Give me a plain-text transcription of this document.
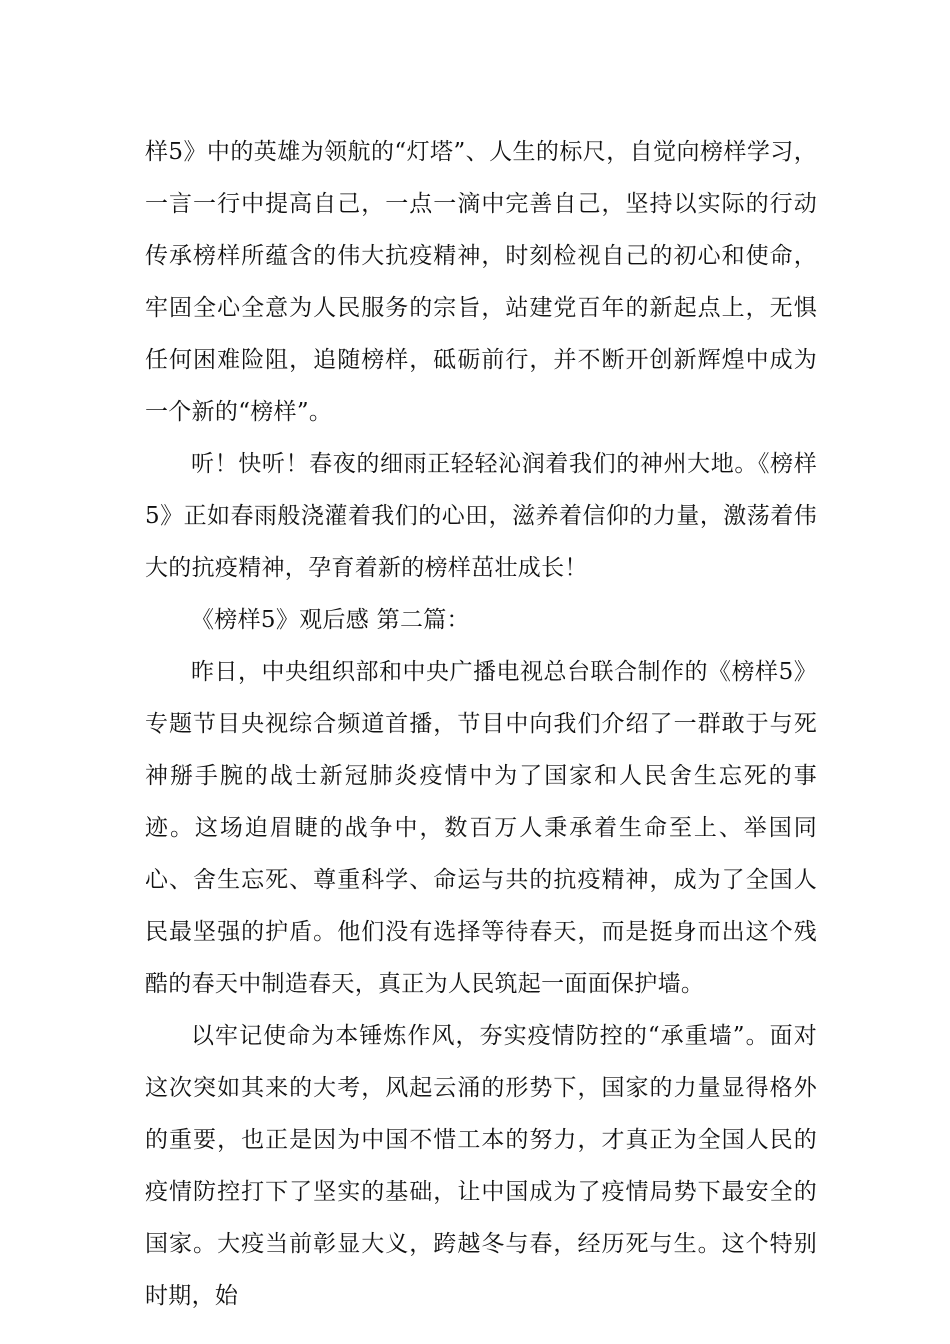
样5》中的英雄为领航的“灯塔”、人生的标尺，自觉向榜样学习，一言一行中提高自己，一点一滴中完善自己，坚持以实际的行动传承榜样所蕴含的伟大抗疫精神，时刻检视自己的初心和使命，牢固全心全意为人民服务的宗旨，站建党百年的新起点上，无惧任何困难险阻，追随榜样，砥砺前行，并不断开创新辉煌中成为一个新的“榜样”。

听！快听！春夜的细雨正轻轻沁润着我们的神州大地。《榜样5》正如春雨般浇灌着我们的心田，滋养着信仰的力量，激荡着伟大的抗疫精神，孕育着新的榜样茁壮成长！

《榜样5》观后感 第二篇：

昨日，中央组织部和中央广播电视总台联合制作的《榜样5》专题节目央视综合频道首播，节目中向我们介绍了一群敢于与死神掰手腕的战士新冠肺炎疫情中为了国家和人民舍生忘死的事迹。这场迫眉睫的战争中，数百万人秉承着生命至上、举国同心、舍生忘死、尊重科学、命运与共的抗疫精神，成为了全国人民最坚强的护盾。他们没有选择等待春天，而是挺身而出这个残酷的春天中制造春天，真正为人民筑起一面面保护墙。

以牢记使命为本锤炼作风，夯实疫情防控的“承重墙”。面对这次突如其来的大考，风起云涌的形势下，国家的力量显得格外的重要，也正是因为中国不惜工本的努力，才真正为全国人民的疫情防控打下了坚实的基础，让中国成为了疫情局势下最安全的国家。大疫当前彰显大义，跨越冬与春，经历死与生。这个特别时期，始
